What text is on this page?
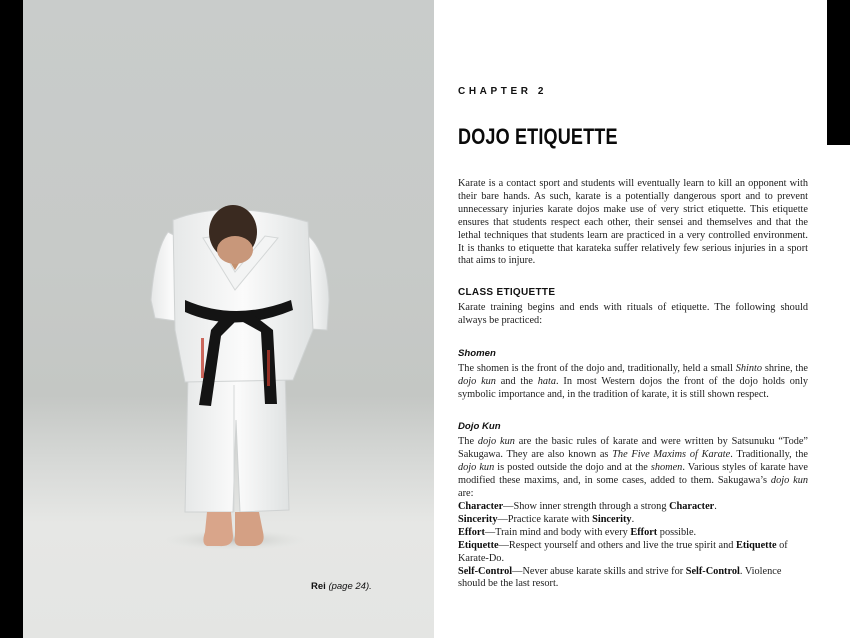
Rei (page 24).
CHAPTER 2
DOJO ETIQUETTE

Karate is a contact sport and students will eventually learn to kill an opponent with their bare hands. As such, karate is a potentially dangerous sport and to prevent unnecessary injuries karate dojos make use of very strict etiquette. This etiquette ensures that students respect each other, their sensei and themselves and that the lethal techniques that students learn are practiced in a very controlled environment. It is thanks to etiquette that karateka suffer relatively few serious injuries in a sport that aims to injure.

CLASS ETIQUETTE

Karate training begins and ends with rituals of etiquette. The following should always be practiced:

Shomen

The shomen is the front of the dojo and, traditionally, held a small Shinto shrine, the dojo kun and the hata. In most Western dojos the front of the dojo holds only symbolic importance and, in the tradition of karate, it is still shown respect.

Dojo Kun

The dojo kun are the basic rules of karate and were written by Satsunuku “Tode” Sakugawa. They are also known as The Five Maxims of Karate. Traditionally, the dojo kun is posted outside the dojo and at the shomen. Various styles of karate have modified these maxims, and, in some cases, added to them. Sakugawa’s dojo kun are:

Character—Show inner strength through a strong Character.
Sincerity—Practice karate with Sincerity.
Effort—Train mind and body with every Effort possible.
Etiquette—Respect yourself and others and live the true spirit and Etiquette of Karate-Do.
Self-Control—Never abuse karate skills and strive for Self-Control. Violence should be the last resort.
